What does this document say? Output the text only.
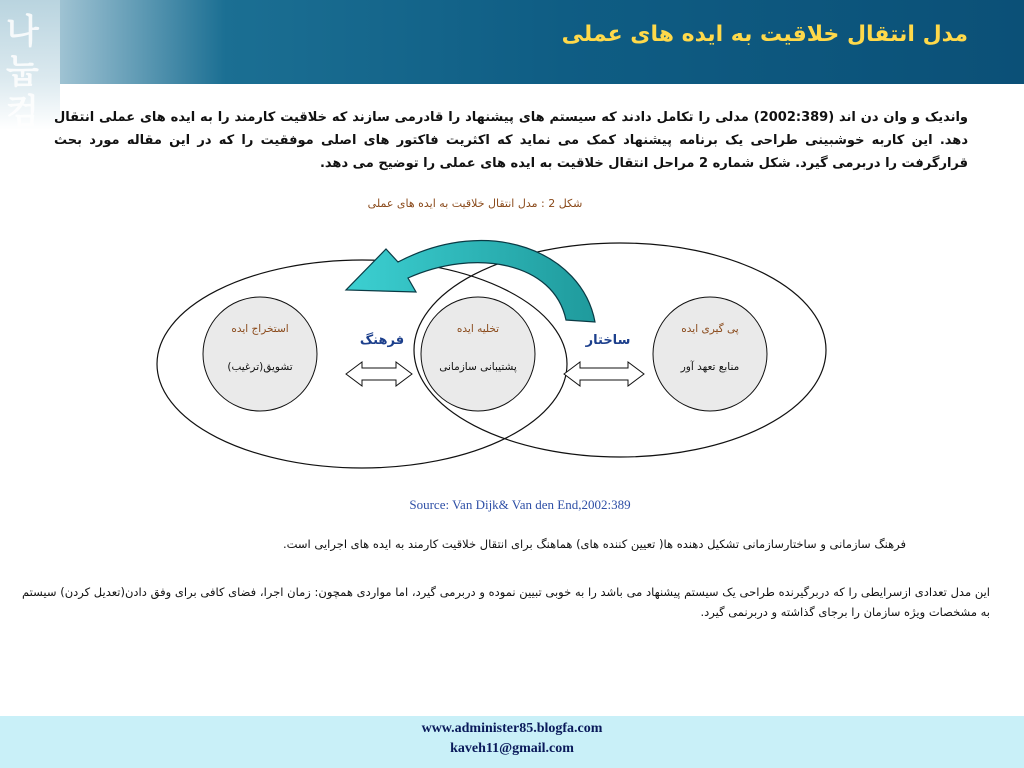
나
눕
컴
مدل انتقال خلاقیت به ایده های عملی
واندیک و وان دن اند (2002:389) مدلی را تکامل دادند که سیستم های پیشنهاد را قادرمی سازند که خلاقیت کارمند را به ایده های عملی انتقال دهد. این کاربه خوشبینی طراحی یک برنامه پیشنهاد کمک می نماید که اکثریت فاکتور های اصلی موفقیت را که در این مقاله مورد بحث قرارگرفت را دربرمی گیرد. شکل شماره 2 مراحل انتقال خلاقیت به ایده های عملی را توضیح می دهد.
شکل 2 : مدل انتقال خلاقیت به ایده های عملی
استخراج ایده
تشویق(ترغیب)
تخلیه ایده
پشتیبانی سازمانی
پی گیری ایده
منابع تعهد آور
فرهنگ	ساختار
Source: Van Dijk& Van den End,2002:389
فرهنگ سازمانی و ساختارسازمانی تشکیل دهنده ها( تعیین کننده های) هماهنگ برای انتقال خلاقیت کارمند به ایده های اجرایی است.
این مدل تعدادی ازسرایطی را که دربرگیرنده طراحی یک سیستم پیشنهاد می باشد را به خوبی تبیین نموده و دربرمی گیرد، اما مواردی همچون: زمان اجرا، فضای کافی برای وفق دادن(تعدیل کردن) سیستم به مشخصات ویژه سازمان را برجای گذاشته و دربرنمی گیرد.
www.administer85.blogfa.com
kaveh11@gmail.com
